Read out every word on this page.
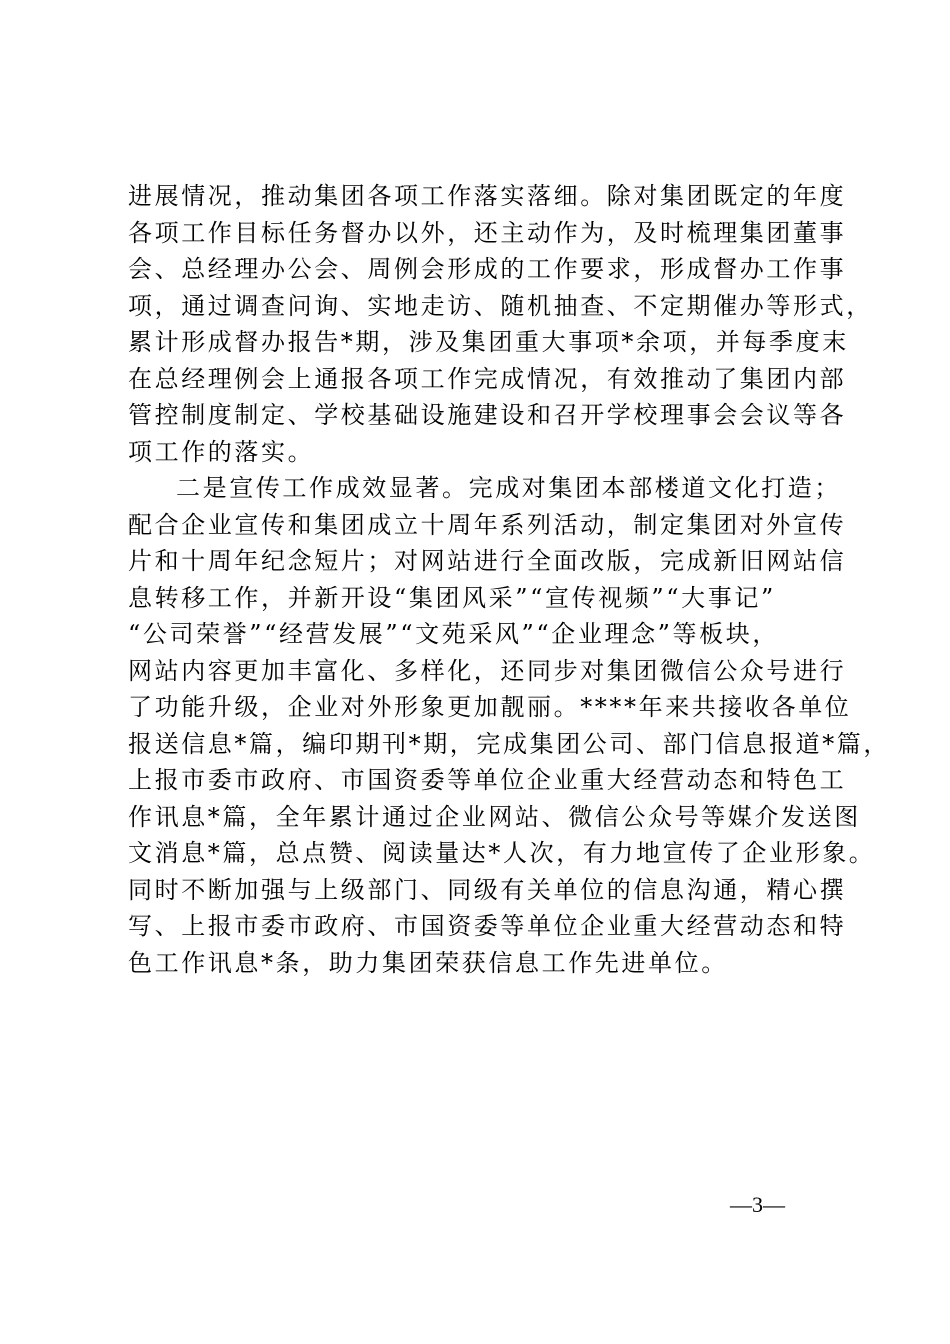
进展情况，推动集团各项工作落实落细。除对集团既定的年度
各项工作目标任务督办以外，还主动作为，及时梳理集团董事
会、总经理办公会、周例会形成的工作要求，形成督办工作事
项，通过调查问询、实地走访、随机抽查、不定期催办等形式，
累计形成督办报告*期，涉及集团重大事项*余项，并每季度末
在总经理例会上通报各项工作完成情况，有效推动了集团内部
管控制度制定、学校基础设施建设和召开学校理事会会议等各
项工作的落实。
二是宣传工作成效显著。完成对集团本部楼道文化打造；
配合企业宣传和集团成立十周年系列活动，制定集团对外宣传
片和十周年纪念短片；对网站进行全面改版，完成新旧网站信
息转移工作，并新开设“集团风采”“宣传视频”“大事记”
“公司荣誉”“经营发展”“文苑采风”“企业理念”等板块，
网站内容更加丰富化、多样化，还同步对集团微信公众号进行
了功能升级，企业对外形象更加靓丽。****年来共接收各单位
报送信息*篇，编印期刊*期，完成集团公司、部门信息报道*篇，
上报市委市政府、市国资委等单位企业重大经营动态和特色工
作讯息*篇，全年累计通过企业网站、微信公众号等媒介发送图
文消息*篇，总点赞、阅读量达*人次，有力地宣传了企业形象。
同时不断加强与上级部门、同级有关单位的信息沟通，精心撰
写、上报市委市政府、市国资委等单位企业重大经营动态和特
色工作讯息*条，助力集团荣获信息工作先进单位。
—3—
